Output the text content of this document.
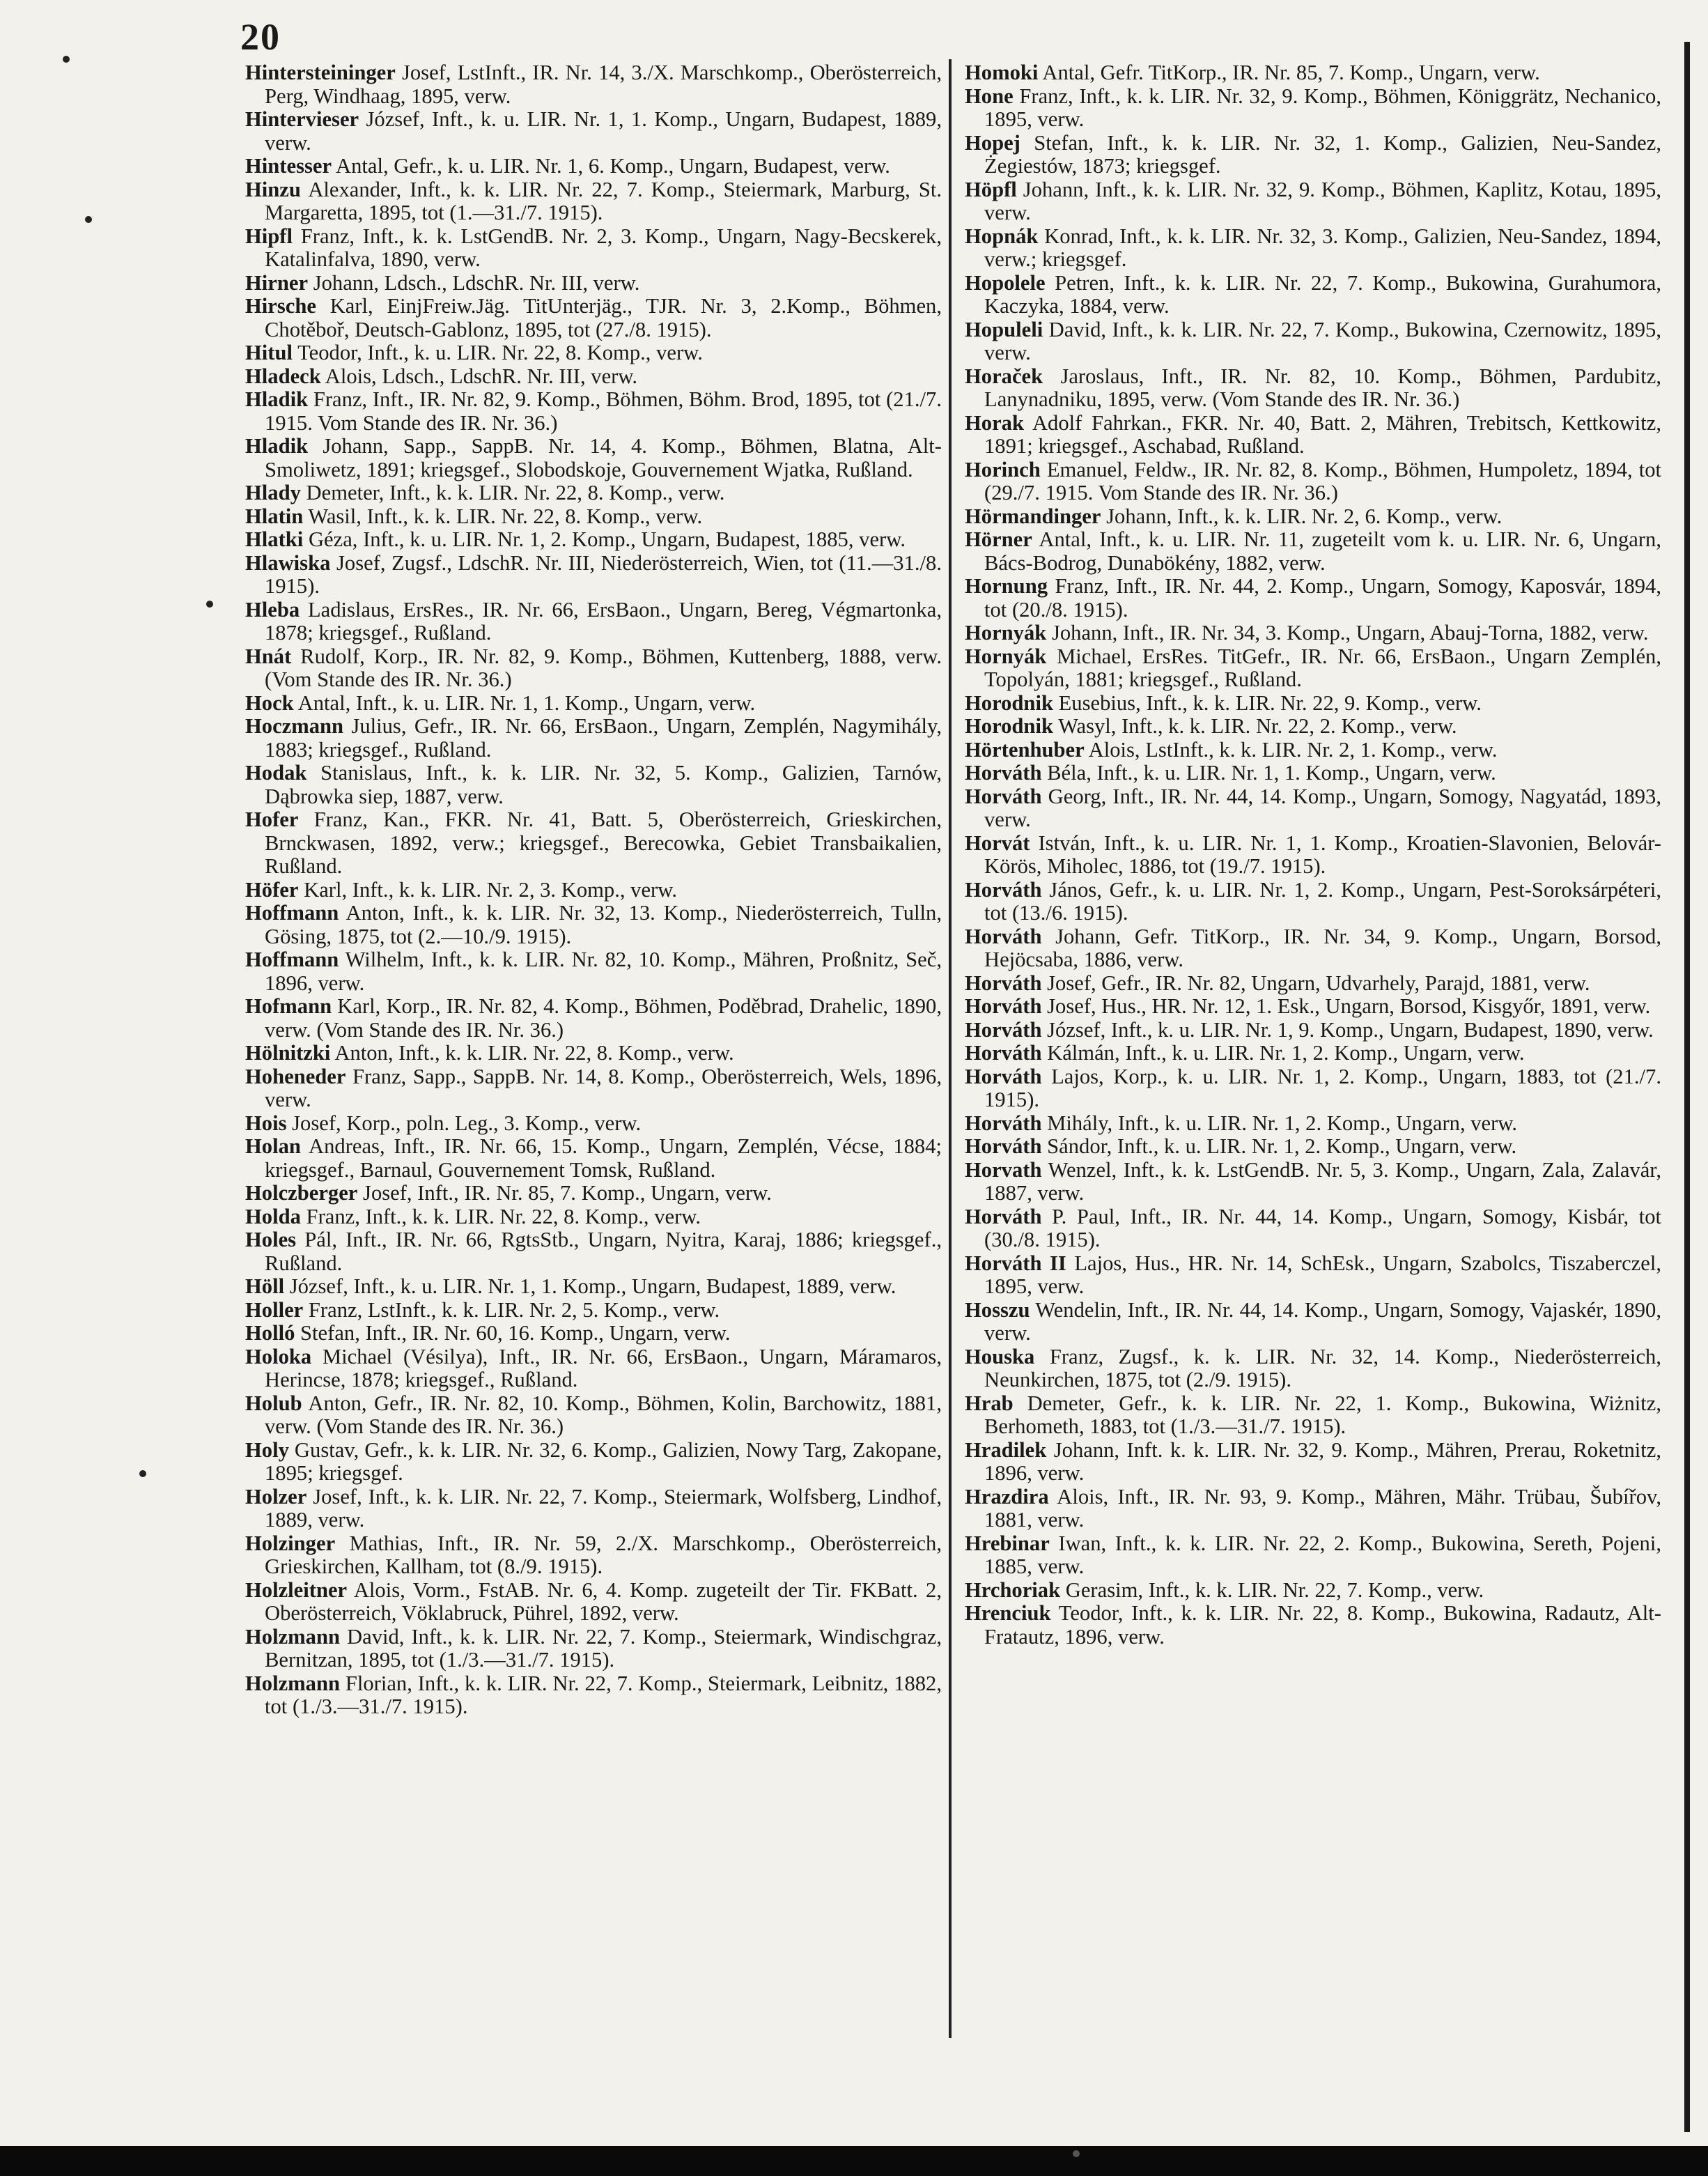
20

Hintersteininger Josef, LstInft., IR. Nr. 14, 3./X. Marschkomp., Oberösterreich, Perg, Windhaag, 1895, verw.

Hintervieser József, Inft., k. u. LIR. Nr. 1, 1. Komp., Ungarn, Budapest, 1889, verw.

Hintesser Antal, Gefr., k. u. LIR. Nr. 1, 6. Komp., Ungarn, Budapest, verw.

Hinzu Alexander, Inft., k. k. LIR. Nr. 22, 7. Komp., Steiermark, Marburg, St. Margaretta, 1895, tot (1.—31./7. 1915).

Hipfl Franz, Inft., k. k. LstGendB. Nr. 2, 3. Komp., Ungarn, Nagy-Becskerek, Katalinfalva, 1890, verw.

Hirner Johann, Ldsch., LdschR. Nr. III, verw.

Hirsche Karl, EinjFreiw.Jäg. TitUnterjäg., TJR. Nr. 3, 2.Komp., Böhmen, Chotěboř, Deutsch-Gablonz, 1895, tot (27./8. 1915).

Hitul Teodor, Inft., k. u. LIR. Nr. 22, 8. Komp., verw.

Hladeck Alois, Ldsch., LdschR. Nr. III, verw.

Hladik Franz, Inft., IR. Nr. 82, 9. Komp., Böhmen, Böhm. Brod, 1895, tot (21./7. 1915. Vom Stande des IR. Nr. 36.)

Hladik Johann, Sapp., SappB. Nr. 14, 4. Komp., Böhmen, Blatna, Alt-Smoliwetz, 1891; kriegsgef., Slobodskoje, Gouvernement Wjatka, Rußland.

Hlady Demeter, Inft., k. k. LIR. Nr. 22, 8. Komp., verw.

Hlatin Wasil, Inft., k. k. LIR. Nr. 22, 8. Komp., verw.

Hlatki Géza, Inft., k. u. LIR. Nr. 1, 2. Komp., Ungarn, Budapest, 1885, verw.

Hlawiska Josef, Zugsf., LdschR. Nr. III, Niederösterreich, Wien, tot (11.—31./8. 1915).

Hleba Ladislaus, ErsRes., IR. Nr. 66, ErsBaon., Ungarn, Bereg, Végmartonka, 1878; kriegsgef., Rußland.

Hnát Rudolf, Korp., IR. Nr. 82, 9. Komp., Böhmen, Kuttenberg, 1888, verw. (Vom Stande des IR. Nr. 36.)

Hock Antal, Inft., k. u. LIR. Nr. 1, 1. Komp., Ungarn, verw.

Hoczmann Julius, Gefr., IR. Nr. 66, ErsBaon., Ungarn, Zemplén, Nagymihály, 1883; kriegsgef., Rußland.

Hodak Stanislaus, Inft., k. k. LIR. Nr. 32, 5. Komp., Galizien, Tarnów, Dąbrowka siep, 1887, verw.

Hofer Franz, Kan., FKR. Nr. 41, Batt. 5, Oberösterreich, Grieskirchen, Brnckwasen, 1892, verw.; kriegsgef., Bereсowka, Gebiet Transbaikalien, Rußland.

Höfer Karl, Inft., k. k. LIR. Nr. 2, 3. Komp., verw.

Hoffmann Anton, Inft., k. k. LIR. Nr. 32, 13. Komp., Niederösterreich, Tulln, Gösing, 1875, tot (2.—10./9. 1915).

Hoffmann Wilhelm, Inft., k. k. LIR. Nr. 82, 10. Komp., Mähren, Proßnitz, Seč, 1896, verw.

Hofmann Karl, Korp., IR. Nr. 82, 4. Komp., Böhmen, Poděbrad, Drahelic, 1890, verw. (Vom Stande des IR. Nr. 36.)

Hölnitzki Anton, Inft., k. k. LIR. Nr. 22, 8. Komp., verw.

Hoheneder Franz, Sapp., SappB. Nr. 14, 8. Komp., Oberösterreich, Wels, 1896, verw.

Hois Josef, Korp., poln. Leg., 3. Komp., verw.

Holan Andreas, Inft., IR. Nr. 66, 15. Komp., Ungarn, Zemplén, Vécse, 1884; kriegsgef., Barnaul, Gouvernement Tomsk, Rußland.

Holczberger Josef, Inft., IR. Nr. 85, 7. Komp., Ungarn, verw.

Holda Franz, Inft., k. k. LIR. Nr. 22, 8. Komp., verw.

Holes Pál, Inft., IR. Nr. 66, RgtsStb., Ungarn, Nyitra, Karaj, 1886; kriegsgef., Rußland.

Höll József, Inft., k. u. LIR. Nr. 1, 1. Komp., Ungarn, Budapest, 1889, verw.

Holler Franz, LstInft., k. k. LIR. Nr. 2, 5. Komp., verw.

Holló Stefan, Inft., IR. Nr. 60, 16. Komp., Ungarn, verw.

Holoka Michael (Vésilya), Inft., IR. Nr. 66, ErsBaon., Ungarn, Máramaros, Herincse, 1878; kriegsgef., Rußland.

Holub Anton, Gefr., IR. Nr. 82, 10. Komp., Böhmen, Kolin, Barchowitz, 1881, verw. (Vom Stande des IR. Nr. 36.)

Holy Gustav, Gefr., k. k. LIR. Nr. 32, 6. Komp., Galizien, Nowy Targ, Zakopane, 1895; kriegsgef.

Holzer Josef, Inft., k. k. LIR. Nr. 22, 7. Komp., Steiermark, Wolfsberg, Lindhof, 1889, verw.

Holzinger Mathias, Inft., IR. Nr. 59, 2./X. Marschkomp., Oberösterreich, Grieskirchen, Kallham, tot (8./9. 1915).

Holzleitner Alois, Vorm., FstAB. Nr. 6, 4. Komp. zugeteilt der Tir. FKBatt. 2, Oberösterreich, Vöklabruck, Pührel, 1892, verw.

Holzmann David, Inft., k. k. LIR. Nr. 22, 7. Komp., Steiermark, Windischgraz, Bernitzan, 1895, tot (1./3.—31./7. 1915).

Holzmann Florian, Inft., k. k. LIR. Nr. 22, 7. Komp., Steiermark, Leibnitz, 1882, tot (1./3.—31./7. 1915).

Homoki Antal, Gefr. TitKorp., IR. Nr. 85, 7. Komp., Ungarn, verw.

Hone Franz, Inft., k. k. LIR. Nr. 32, 9. Komp., Böhmen, Königgrätz, Nechanico, 1895, verw.

Hopej Stefan, Inft., k. k. LIR. Nr. 32, 1. Komp., Galizien, Neu-Sandez, Żegiestów, 1873; kriegsgef.

Höpfl Johann, Inft., k. k. LIR. Nr. 32, 9. Komp., Böhmen, Kaplitz, Kotau, 1895, verw.

Hopnák Konrad, Inft., k. k. LIR. Nr. 32, 3. Komp., Galizien, Neu-Sandez, 1894, verw.; kriegsgef.

Hopolele Petren, Inft., k. k. LIR. Nr. 22, 7. Komp., Bukowina, Gurahumora, Kaczyka, 1884, verw.

Hopuleli David, Inft., k. k. LIR. Nr. 22, 7. Komp., Bukowina, Czernowitz, 1895, verw.

Horaček Jaroslaus, Inft., IR. Nr. 82, 10. Komp., Böhmen, Pardubitz, Lanynadniku, 1895, verw. (Vom Stande des IR. Nr. 36.)

Horak Adolf Fahrkan., FKR. Nr. 40, Batt. 2, Mähren, Trebitsch, Kettkowitz, 1891; kriegsgef., Aschabad, Rußland.

Horinch Emanuel, Feldw., IR. Nr. 82, 8. Komp., Böhmen, Humpoletz, 1894, tot (29./7. 1915. Vom Stande des IR. Nr. 36.)

Hörmandinger Johann, Inft., k. k. LIR. Nr. 2, 6. Komp., verw.

Hörner Antal, Inft., k. u. LIR. Nr. 11, zugeteilt vom k. u. LIR. Nr. 6, Ungarn, Bács-Bodrog, Dunabökény, 1882, verw.

Hornung Franz, Inft., IR. Nr. 44, 2. Komp., Ungarn, Somogy, Kaposvár, 1894, tot (20./8. 1915).

Hornyák Johann, Inft., IR. Nr. 34, 3. Komp., Ungarn, Abauj-Torna, 1882, verw.

Hornyák Michael, ErsRes. TitGefr., IR. Nr. 66, ErsBaon., Ungarn Zemplén, Topolyán, 1881; kriegsgef., Rußland.

Horodnik Eusebius, Inft., k. k. LIR. Nr. 22, 9. Komp., verw.

Horodnik Wasyl, Inft., k. k. LIR. Nr. 22, 2. Komp., verw.

Hörtenhuber Alois, LstInft., k. k. LIR. Nr. 2, 1. Komp., verw.

Horváth Béla, Inft., k. u. LIR. Nr. 1, 1. Komp., Ungarn, verw.

Horváth Georg, Inft., IR. Nr. 44, 14. Komp., Ungarn, Somogy, Nagyatád, 1893, verw.

Horvát István, Inft., k. u. LIR. Nr. 1, 1. Komp., Kroatien-Slavonien, Belovár-Körös, Miholec, 1886, tot (19./7. 1915).

Horváth János, Gefr., k. u. LIR. Nr. 1, 2. Komp., Ungarn, Pest-Soroksárpéteri, tot (13./6. 1915).

Horváth Johann, Gefr. TitKorp., IR. Nr. 34, 9. Komp., Ungarn, Borsod, Hejöcsaba, 1886, verw.

Horváth Josef, Gefr., IR. Nr. 82, Ungarn, Udvarhely, Parajd, 1881, verw.

Horváth Josef, Hus., HR. Nr. 12, 1. Esk., Ungarn, Borsod, Kisgyőr, 1891, verw.

Horváth József, Inft., k. u. LIR. Nr. 1, 9. Komp., Ungarn, Budapest, 1890, verw.

Horváth Kálmán, Inft., k. u. LIR. Nr. 1, 2. Komp., Ungarn, verw.

Horváth Lajos, Korp., k. u. LIR. Nr. 1, 2. Komp., Ungarn, 1883, tot (21./7. 1915).

Horváth Mihály, Inft., k. u. LIR. Nr. 1, 2. Komp., Ungarn, verw.

Horváth Sándor, Inft., k. u. LIR. Nr. 1, 2. Komp., Ungarn, verw.

Horvath Wenzel, Inft., k. k. LstGendB. Nr. 5, 3. Komp., Ungarn, Zala, Zalavár, 1887, verw.

Horváth P. Paul, Inft., IR. Nr. 44, 14. Komp., Ungarn, Somogy, Kisbár, tot (30./8. 1915).

Horváth II Lajos, Hus., HR. Nr. 14, SchEsk., Ungarn, Szabolcs, Tiszaberczel, 1895, verw.

Hosszu Wendelin, Inft., IR. Nr. 44, 14. Komp., Ungarn, Somogy, Vajaskér, 1890, verw.

Houska Franz, Zugsf., k. k. LIR. Nr. 32, 14. Komp., Niederösterreich, Neunkirchen, 1875, tot (2./9. 1915).

Hrab Demeter, Gefr., k. k. LIR. Nr. 22, 1. Komp., Bukowina, Wiżnitz, Berhometh, 1883, tot (1./3.—31./7. 1915).

Hradilek Johann, Inft. k. k. LIR. Nr. 32, 9. Komp., Mähren, Prerau, Roketnitz, 1896, verw.

Hrazdira Alois, Inft., IR. Nr. 93, 9. Komp., Mähren, Mähr. Trübau, Šubířov, 1881, verw.

Hrebinar Iwan, Inft., k. k. LIR. Nr. 22, 2. Komp., Bukowina, Sereth, Pojeni, 1885, verw.

Hrchoriak Gerasim, Inft., k. k. LIR. Nr. 22, 7. Komp., verw.

Hrenciuk Teodor, Inft., k. k. LIR. Nr. 22, 8. Komp., Bukowina, Radautz, Alt-Fratautz, 1896, verw.
